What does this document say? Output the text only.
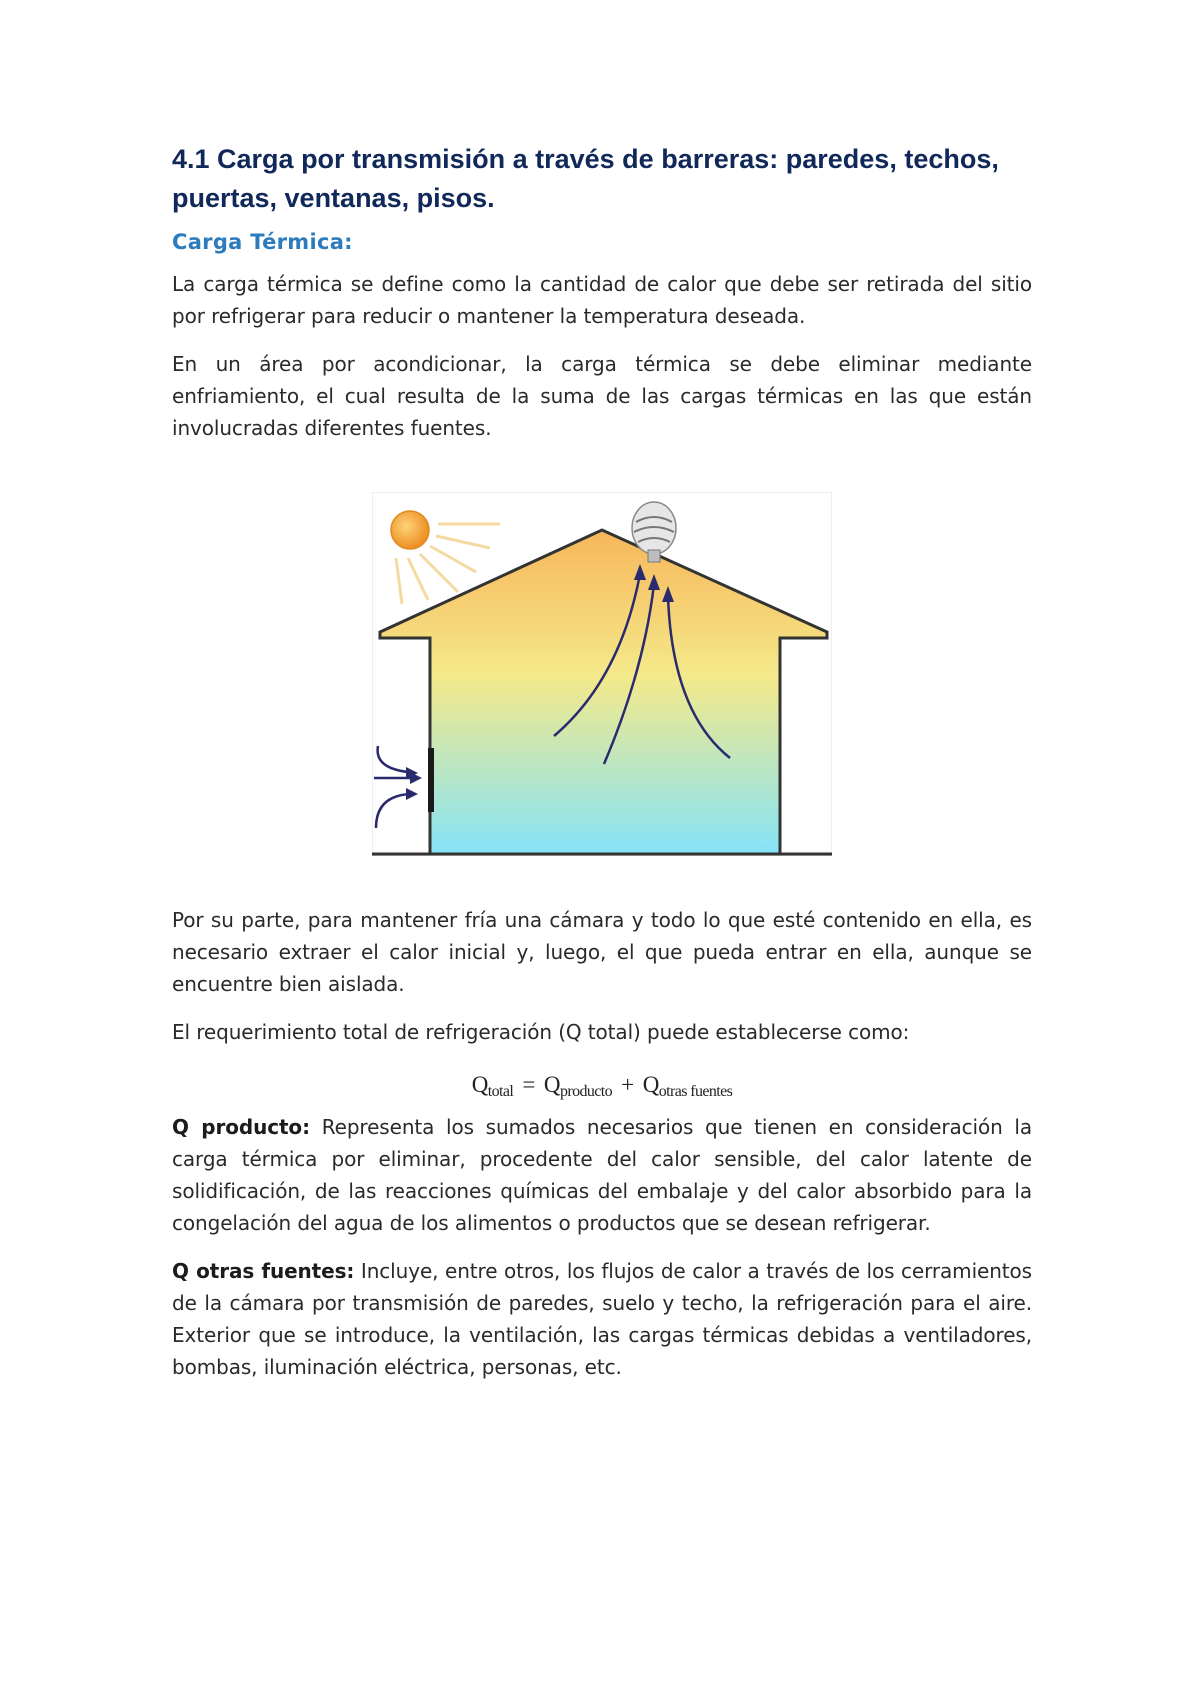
4.1 Carga por transmisión a través de barreras: paredes, techos, puertas, ventanas, pisos.
Carga Térmica:

La carga térmica se define como la cantidad de calor que debe ser retirada del sitio por refrigerar para reducir o mantener la temperatura deseada.

En un área por acondicionar, la carga térmica se debe eliminar mediante enfriamiento, el cual resulta de la suma de las cargas térmicas en las que están involucradas diferentes fuentes.

Por su parte, para mantener fría una cámara y todo lo que esté contenido en ella, es necesario extraer el calor inicial y, luego, el que pueda entrar en ella, aunque se encuentre bien aislada.

El requerimiento total de refrigeración (Q total) puede establecerse como:

$Q_{total} = Q_{producto} + Q_{otras fuentes}$

Q producto: Representa los sumados necesarios que tienen en consideración la carga térmica por eliminar, procedente del calor sensible, del calor latente de solidificación, de las reacciones químicas del embalaje y del calor absorbido para la congelación del agua de los alimentos o productos que se desean refrigerar.

Q otras fuentes: Incluye, entre otros, los flujos de calor a través de los cerramientos de la cámara por transmisión de paredes, suelo y techo, la refrigeración para el aire. Exterior que se introduce, la ventilación, las cargas térmicas debidas a ventiladores, bombas, iluminación eléctrica, personas, etc.
